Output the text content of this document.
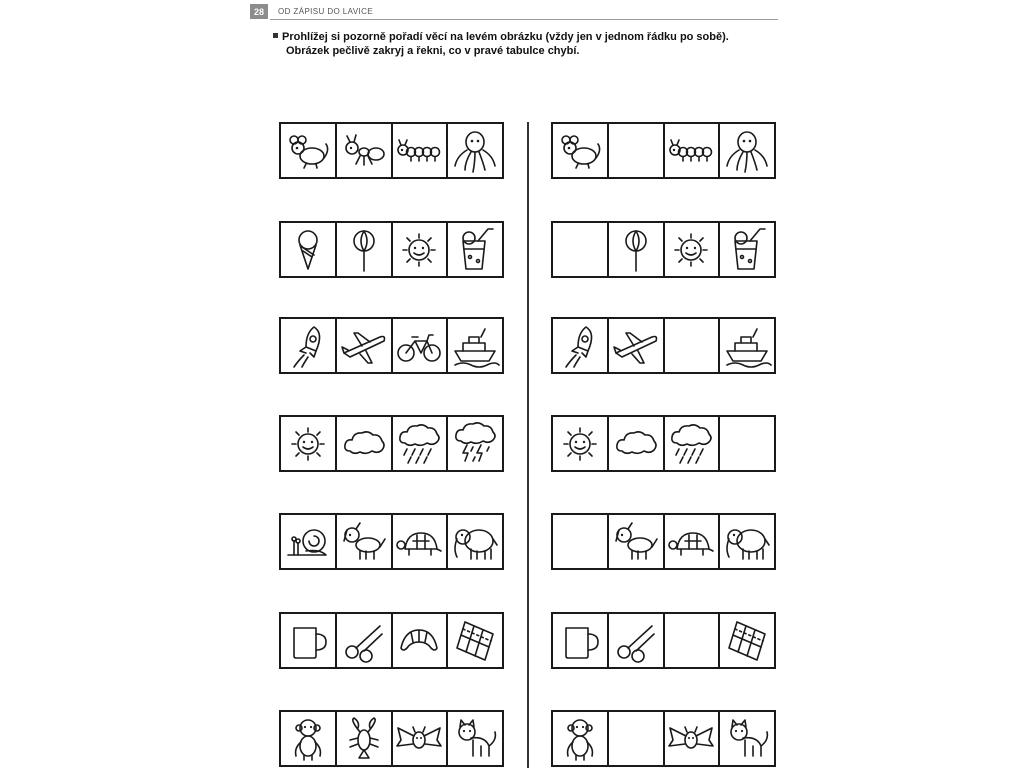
28	OD ZÁPISU DO LAVICE
Prohlížej si pozorně pořadí věcí na levém obrázku (vždy jen v jednom řádku po sobě).
Obrázek pečlivě zakryj a řekni, co v pravé tabulce chybí.
